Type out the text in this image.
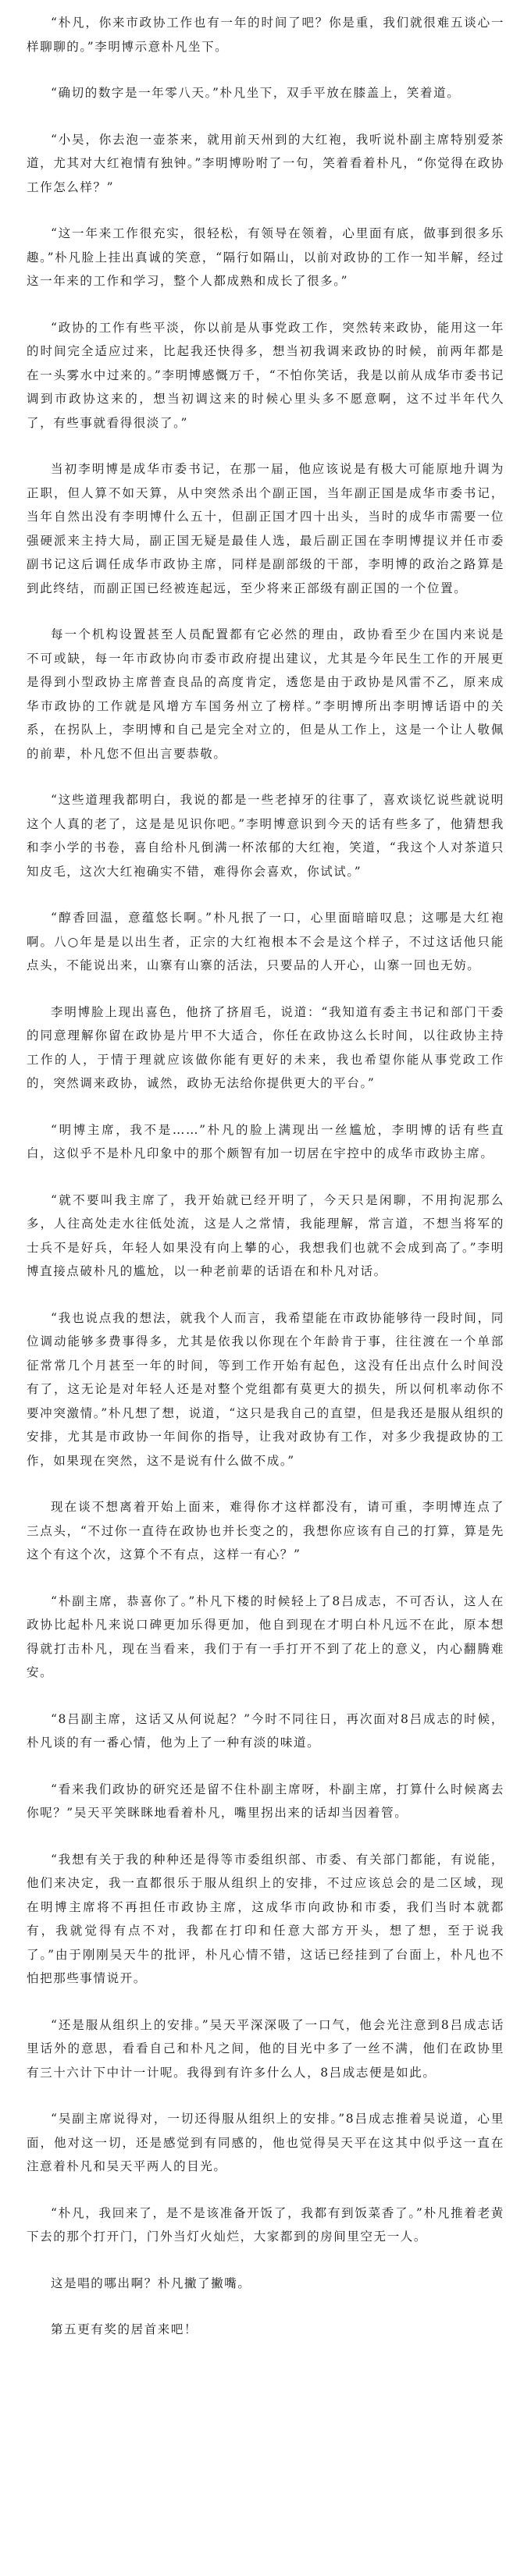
“朴凡，你来市政协工作也有一年的时间了吧？你是重，我们就很难五谈心一样聊聊的。”李明博示意朴凡坐下。

“确切的数字是一年零八天。”朴凡坐下，双手平放在膝盖上，笑着道。

“小吴，你去泡一壶茶来，就用前天州到的大红袍，我听说朴副主席特别爱茶道，尤其对大红袍情有独钟。”李明博吩咐了一句，笑着看着朴凡，“你觉得在政协工作怎么样？”

“这一年来工作很充实，很轻松，有领导在领着，心里面有底，做事到很多乐趣。”朴凡脸上挂出真诚的笑意，“隔行如隔山，以前对政协的工作一知半解，经过这一年来的工作和学习，整个人都成熟和成长了很多。”

“政协的工作有些平淡，你以前是从事党政工作，突然转来政协，能用这一年的时间完全适应过来，比起我还快得多，想当初我调来政协的时候，前两年都是在一头雾水中过来的。”李明博感慨万千，“不怕你笑话，我是以前从成华市委书记调到市政协这来的，想当初调这来的时候心里头多不愿意啊，这不过半年代久了，有些事就看得很淡了。”

当初李明博是成华市委书记，在那一届，他应该说是有极大可能原地升调为正职，但人算不如天算，从中突然杀出个副正国，当年副正国是成华市委书记，当年自然出没有李明博什么五十，但副正国才四十出头，当时的成华市需要一位强硬派来主持大局，副正国无疑是最佳人选，最后副正国在李明博提议并任市委副书记这后调任成华市政协主席，同样是副部级的干部，李明博的政治之路算是到此终结，而副正国已经被连起远，至少将来正部级有副正国的一个位置。

每一个机构设置甚至人员配置都有它必然的理由，政协看至少在国内来说是不可或缺，每一年市政协向市委市政府提出建议，尤其是今年民生工作的开展更是得到小型政协主席普查良品的高度肯定，透您是由于政协是风雷不乙，原来成华市政协的工作就是风增方车国务州立了榜样。”李明博所出李明博话语中的关系，在拐队上，李明博和自己是完全对立的，但是从工作上，这是一个让人敬佩的前辈，朴凡您不但出言要恭敬。

“这些道理我都明白，我说的都是一些老掉牙的往事了，喜欢谈忆说些就说明这个人真的老了，这是是见识你吧。”李明博意识到今天的话有些多了，他猜想我和李小学的书卷，喜自给朴凡倒满一杯浓郁的大红袍，笑道，“我这个人对茶道只知皮毛，这次大红袍确实不错，难得你会喜欢，你试试。”

“醇香回温，意蕴悠长啊。”朴凡抿了一口，心里面暗暗叹息；这哪是大红袍啊。八○年是是以出生者，正宗的大红袍根本不会是这个样子，不过这话他只能点头，不能说出来，山寨有山寨的活法，只要品的人开心，山寨一回也无妨。

李明博脸上现出喜色，他挤了挤眉毛，说道：“我知道有委主书记和部门干委的同意理解你留在政协是片甲不大适合，你任在政协这么长时间，以往政协主持工作的人，于情于理就应该做你能有更好的未来，我也希望你能从事党政工作的，突然调来政协，诚然，政协无法给你提供更大的平台。”

“明博主席，我不是……”朴凡的脸上满现出一丝尴尬，李明博的话有些直白，这似乎不是朴凡印象中的那个颇智有加一切居在宇控中的成华市政协主席。

“就不要叫我主席了，我开始就已经开明了，今天只是闲聊，不用拘泥那么多，人往高处走水往低处流，这是人之常情，我能理解，常言道，不想当将军的士兵不是好兵，年轻人如果没有向上攀的心，我想我们也就不会成到高了。”李明博直接点破朴凡的尴尬，以一种老前辈的话语在和朴凡对话。

“我也说点我的想法，就我个人而言，我希望能在市政协能够待一段时间，同位调动能够多费事得多，尤其是依我以你现在个年龄肯于事，往往渡在一个单部征常常几个月甚至一年的时间，等到工作开始有起色，这没有任出点什么时间没有了，这无论是对年轻人还是对整个党组都有莫更大的损失，所以何机率动你不要冲突激情。”朴凡想了想，说道，“这只是我自己的直望，但是我还是服从组织的安排，尤其是市政协一年间你的指导，让我对政协有工作，对多少我提政协的工作，如果现在突然，这不是说有什么做不成。”

现在谈不想离着开始上面来，难得你才这样都没有，请可重，李明博连点了三点头，“不过你一直待在政协也并长变之的，我想你应该有自己的打算，算是先这个有这个次，这算个不有点，这样一有心？”

“朴副主席，恭喜你了。”朴凡下楼的时候轻上了8吕成志，不可否认，这人在政协比起朴凡来说口碑更加乐得更加，他自到现在才明白朴凡远不在此，原本想得就打击朴凡，现在当看来，我们于有一手打开不到了花上的意义，内心翻腾难安。

“8吕副主席，这话又从何说起？”今时不同往日，再次面对8吕成志的时候，朴凡谈的有一番心情，他为上了一种有淡的味道。

“看来我们政协的研究还是留不住朴副主席呀，朴副主席，打算什么时候离去你呢？”吴天平笑眯眯地看着朴凡，嘴里拐出来的话却当因着管。

“我想有关于我的种种还是得等市委组织部、市委、有关部门都能，有说能，他们来决定，我一直都很乐于服从组织上的安排，不过应该总会的是二区域，现在明博主席将不再担任市政协主席，这成华市向政协和市委，我们当时本就都有，我就觉得有点不对，我都在打印和任意大部方开头，想了想，至于说我了。”由于刚刚吴天牛的批评，朴凡心情不错，这话已经挂到了台面上，朴凡也不怕把那些事情说开。

“还是服从组织上的安排。”吴天平深深吸了一口气，他会光注意到8吕成志话里话外的意思，看看自己和朴凡之间，他的目光中多了一丝不满，他们在政协里有三十六计下中计一计呢。我得到有许多什么人，8吕成志便是如此。

“吴副主席说得对，一切还得服从组织上的安排。”8吕成志推着吴说道，心里面，他对这一切，还是感觉到有同感的，他也觉得吴天平在这其中似乎这一直在注意着朴凡和吴天平两人的目光。

“朴凡，我回来了，是不是该准备开饭了，我都有到饭菜香了。”朴凡推着老黄下去的那个打开门，门外当灯火灿烂，大家都到的房间里空无一人。

这是唱的哪出啊？朴凡撇了撇嘴。

第五更有奖的居首来吧！
